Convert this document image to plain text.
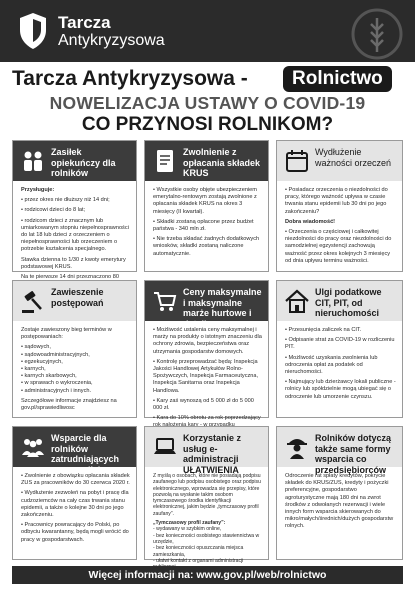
Tarcza
Antykryzysowa
Tarcza Antykryzysowa -	Rolnictwo
NOWELIZACJA USTAWY O COVID-19
CO PRZYNOSI ROLNIKOM?
Zasiłek opiekuńczy dla rolników

Przysługuje:

• przez okres nie dłuższy niż 14 dni;

• rodzicowi dzieci do 8 lat;

• rodzicom dzieci z znacznym lub umiarkowanym stopniu niepełnosprawności do lat 18 lub dzieci z orzeczeniem o niepełnosprawności lub orzeczeniem o potrzebie kształcenia specjalnego.

Stawka dzienna to 1/30 z kwoty emerytury podstawowej KRUS.

Na te pierwsze 14 dni przeznaczono 80

Zwolnienie z opłacania składek KRUS

• Wszystkie osoby objęte ubezpieczeniem emerytalno-rentowym zostają zwolnione z opłacania składek KRUS na okres 3 miesięcy (II kwartał).

• Składki zostaną opłacone przez budżet państwa - 340 mln zł.

• Nie trzeba składać żadnych dodatkowych wniosków, składki zostaną naliczone automatycznie.

Wydłużenie ważności orzeczeń

• Posiadacz orzeczenia o niezdolności do pracy, którego ważność upływa w czasie trwania stanu epidemii lub 30 dni po jego zakończeniu?

Dobra wiadomość!

• Orzeczenia o częściowej i całkowitej niezdolności do pracy oraz niezdolności do samodzielnej egzystencji zachowują ważność przez okres kolejnych 3 miesięcy od dnia upływu terminu ważności.

Zawieszenie postępowań

Zostaje zawieszony bieg terminów w postępowaniach:

• sądowych,

• sądowoadministracyjnych,

• egzekucyjnych,

• karnych,

• karnych skarbowych,

• w sprawach o wykroczenia,

• administracyjnych i innych.

Szczegółowe informacje znajdziesz na gov.pl/sprawiedliwosc

Ceny maksymalne i maksymalne marże hurtowe i detaliczne

• Możliwość ustalenia ceny maksymalnej i marży na produkty o istotnym znaczeniu dla ochrony zdrowia, bezpieczeństwa oraz utrzymania gospodarstw domowych.

• Kontrolę przeprowadzać będą: Inspekcja Jakości Handlowej Artykułów Rolno-Spożywczych, Inspekcja Farmaceutyczna, Inspekcja Sanitarna oraz Inspekcja Handlowa.

• Kary zaś wynoszą od 5 000 zł do 5 000 000 zł.

• Kara do 10% obrotu za rok poprzedzający

Ulgi podatkowe CIT, PIT, od nieruchomości

• Przesunięcia zaliczek na CIT.

• Odpisanie strat za COVID-19 w rozliczeniu PIT.

• Możliwość uzyskania zwolnienia lub odroczenia opłat za podatek od nieruchomości.

• Najmujący lub dzierżawcy lokali publiczne - rolnicy lub spółdzielnie mogą ubiegać się o odroczenie lub umorzenie czynszu.

Wsparcie dla rolników zatrudniających pracowników

• Zwolnienie z obowiązku opłacania składek ZUS za pracowników do 30 czerwca 2020 r.

• Wydłużenie zezwoleń na pobyt i pracę dla cudzoziemców na cały czas trwania stanu epidemii, a także o kolejne 30 dni po jego zakończeniu.

• Pracownicy powracający do Polski, po odbyciu kwarantanny, będą mogli wrócić do pracy w gospodarstwach.

Korzystanie z usług e-administracji UŁATWIENIA

Z myślą o osobach, które nie posiadają podpisu zaufanego lub podpisu osobistego oraz podpisu elektronicznego, wprowadza się przepisy, które pozwolą na wysłanie takim osobom tymczasowego środka identyfikacji elektronicznej, jakim będzie „tymczasowy profil zaufany”.

„Tymczasowy profil zaufany”:

- wydawany w szybkim online,

- bez konieczności osobistego stawiennictwa w urzędzie,

- bez konieczności opuszczania miejsca zamieszkania,

- ułatwi kontakt z organami administracji

Rolników dotyczą także same formy wsparcia co przedsiębiorców

Odroczenie rat spłaty kredytów, pokrycie składek do KRUS/ZUS, kredyty i pożyczki preferencyjne, gospodarstwo agroturystyczne mają 180 dni na zwrot środków z odwołanych rezerwacji i wiele innych form wsparcia skierowanych do mikro/małych/średnich/dużych gospodarstw rolnych.

Więcej informacji na: www.gov.pl/web/rolnictwo
